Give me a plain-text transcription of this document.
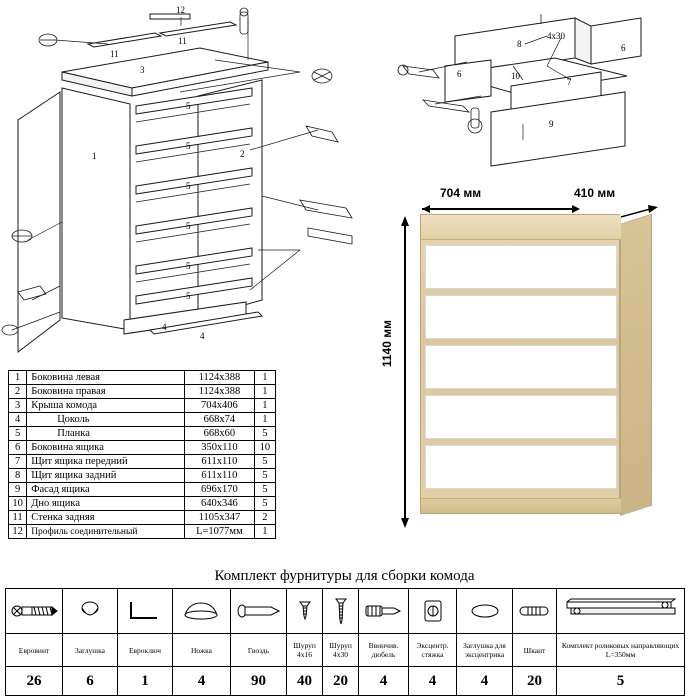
12
11
11
3
1	2
5
5
5
5
5
5
4
4
8
4x30
6
6	10
7
9
1	Боковина левая	1124х388	1
2	Боковина правая	1124х388	1
3	Крыша комода	704х406	1
4	Цоколь	668х74	1
5	Планка	668х60	5
6	Боковина ящика	350х110	10
7	Щит ящика передний	611х110	5
8	Щит ящика задний	611х110	5
9	Фасад ящика	696х170	5
10	Дно ящика	640х346	5
11	Стенка задняя	1105х347	2
12	Профиль соединительный	L=1077мм	1
704 мм	410 мм
1140 мм
Комплект фурнитуры для сборки комода

Еврoвинт	Заглушка	Еврoключ	Ножка	Гвоздь	Шуруп 4х16	Шуруп 4х30	Ввинчив. дюбель	Эксцентр. стяжка	Заглушка для эксцентрика	Шкант	Комплект роликовых направляющих L=350мм
26	6	1	4	90	40	20	4	4	4	20	5
